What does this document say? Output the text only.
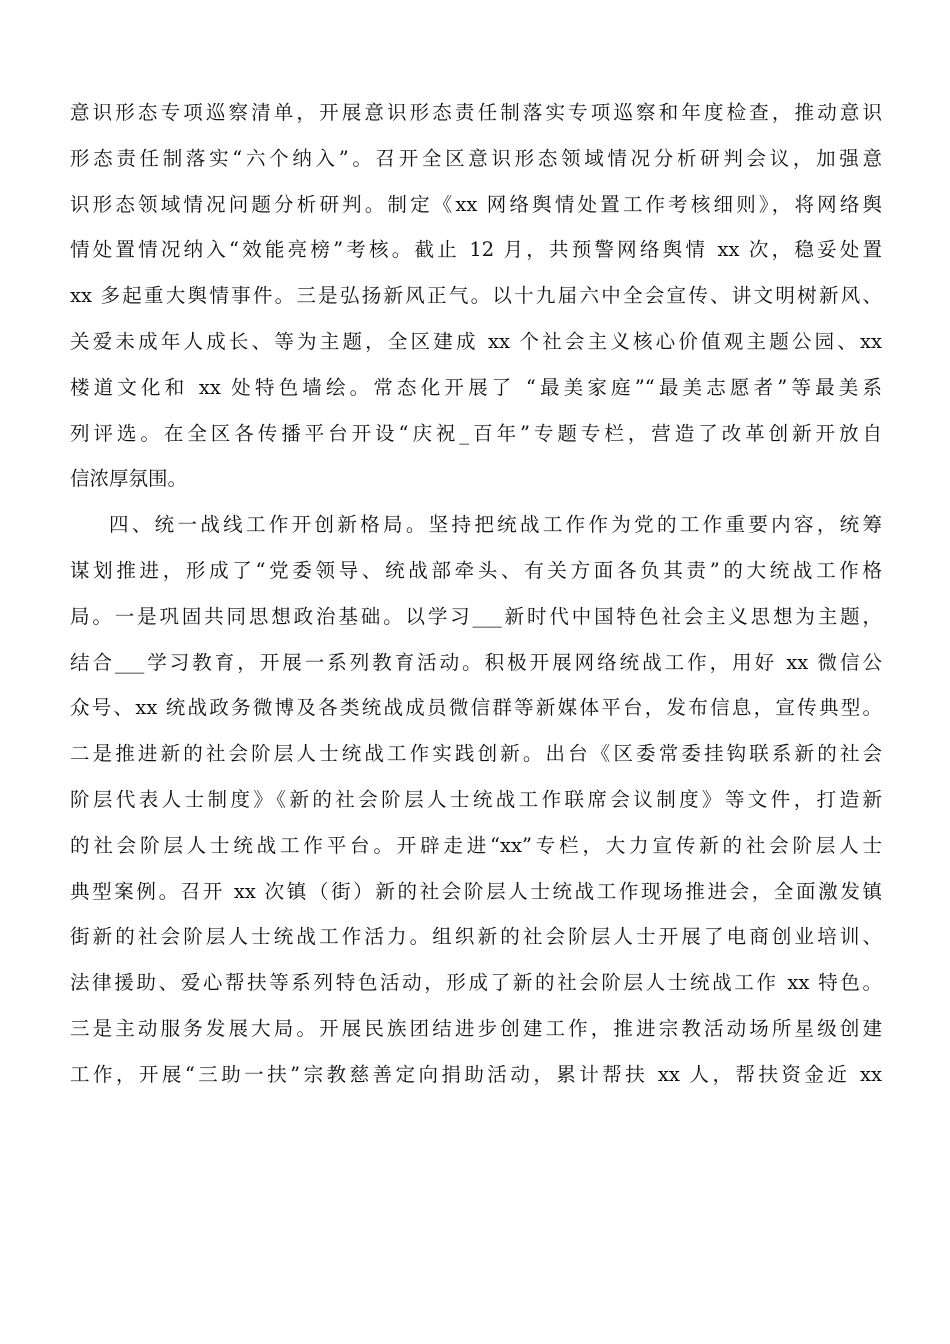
意识形态专项巡察清单，开展意识形态责任制落实专项巡察和年度检查，推动意识
形态责任制落实“六个纳入”。召开全区意识形态领域情况分析研判会议，加强意
识形态领域情况问题分析研判。制定《xx 网络舆情处置工作考核细则》，将网络舆
情处置情况纳入“效能亮榜”考核。截止 12 月，共预警网络舆情 xx 次，稳妥处置
xx 多起重大舆情事件。三是弘扬新风正气。以十九届六中全会宣传、讲文明树新风、
关爱未成年人成长、等为主题，全区建成 xx 个社会主义核心价值观主题公园、xx
楼道文化和 xx 处特色墙绘。常态化开展了 “最美家庭”“最美志愿者”等最美系
列评选。在全区各传播平台开设“庆祝_百年”专题专栏，营造了改革创新开放自
信浓厚氛围。
四、统一战线工作开创新格局。坚持把统战工作作为党的工作重要内容，统筹
谋划推进，形成了“党委领导、统战部牵头、有关方面各负其责”的大统战工作格
局。一是巩固共同思想政治基础。以学习___新时代中国特色社会主义思想为主题，
结合___学习教育，开展一系列教育活动。积极开展网络统战工作，用好 xx 微信公
众号、xx 统战政务微博及各类统战成员微信群等新媒体平台，发布信息，宣传典型。
二是推进新的社会阶层人士统战工作实践创新。出台《区委常委挂钩联系新的社会
阶层代表人士制度》《新的社会阶层人士统战工作联席会议制度》等文件，打造新
的社会阶层人士统战工作平台。开辟走进“xx”专栏，大力宣传新的社会阶层人士
典型案例。召开 xx 次镇（街）新的社会阶层人士统战工作现场推进会，全面激发镇
街新的社会阶层人士统战工作活力。组织新的社会阶层人士开展了电商创业培训、
法律援助、爱心帮扶等系列特色活动，形成了新的社会阶层人士统战工作 xx 特色。
三是主动服务发展大局。开展民族团结进步创建工作，推进宗教活动场所星级创建
工作，开展“三助一扶”宗教慈善定向捐助活动，累计帮扶 xx 人，帮扶资金近 xx
